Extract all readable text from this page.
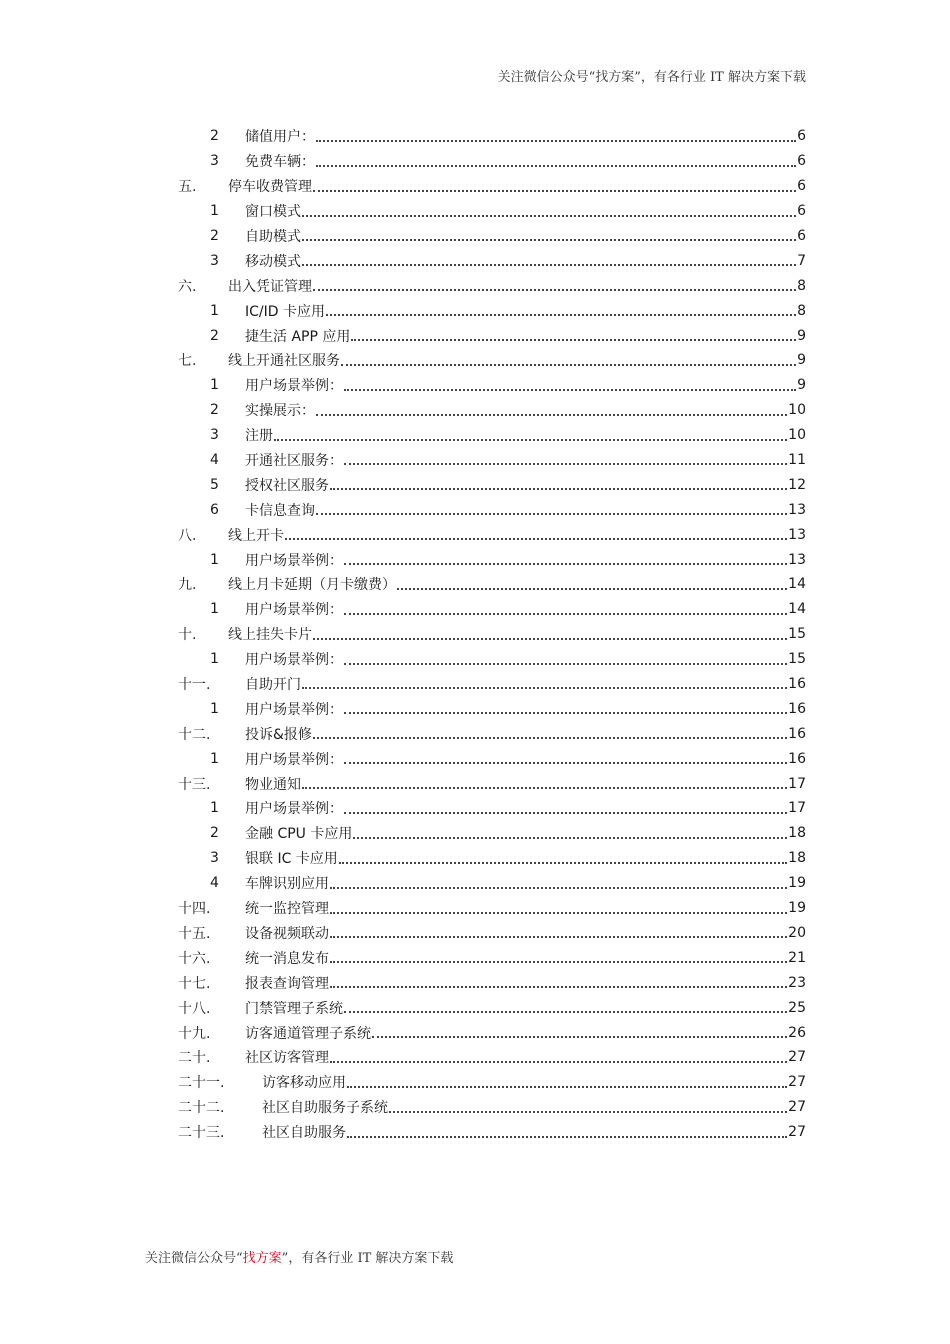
关注微信公众号“找方案”，有各行业 IT 解决方案下载
2	储值用户：	6
3	免费车辆：	6
五.	停车收费管理	6
1	窗口模式	6
2	自助模式	6
3	移动模式	7
六.	出入凭证管理	8
1	IC/ID 卡应用	8
2	捷生活 APP 应用	9
七.	线上开通社区服务	9
1	用户场景举例：	9
2	实操展示：	10
3	注册	10
4	开通社区服务：	11
5	授权社区服务	12
6	卡信息查询	13
八.	线上开卡	13
1	用户场景举例：	13
九.	线上月卡延期（月卡缴费）	14
1	用户场景举例：	14
十.	线上挂失卡片	15
1	用户场景举例：	15
十一.	自助开门	16
1	用户场景举例：	16
十二.	投诉&报修	16
1	用户场景举例：	16
十三.	物业通知	17
1	用户场景举例：	17
2	金融 CPU 卡应用	18
3	银联 IC 卡应用	18
4	车牌识别应用	19
十四.	统一监控管理	19
十五.	设备视频联动	20
十六.	统一消息发布	21
十七.	报表查询管理	23
十八.	门禁管理子系统	25
十九.	访客通道管理子系统	26
二十.	社区访客管理	27
二十一.	访客移动应用	27
二十二.	社区自助服务子系统	27
二十三.	社区自助服务	27
关注微信公众号“找方案”，有各行业 IT 解决方案下载
